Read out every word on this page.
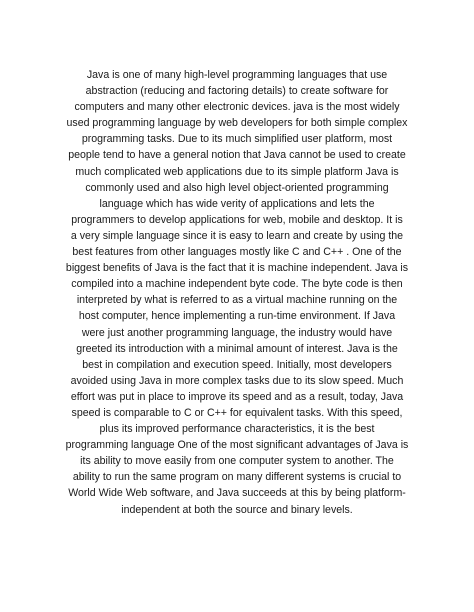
Java is one of many high-level programming languages that use
abstraction (reducing and factoring details) to create software for
computers and many other electronic devices. java is the most widely
used programming language by web developers for both simple complex
programming tasks. Due to its much simplified user platform, most
people tend to have a general notion that Java cannot be used to create
much complicated web applications due to its simple platform Java is
commonly used and also high level object-oriented programming
language which has wide verity of applications and lets the
programmers to develop applications for web, mobile and desktop. It is
a very simple language since it is easy to learn and create by using the
best features from other languages mostly like C and C++ . One of the
biggest benefits of Java is the fact that it is machine independent. Java is
compiled into a machine independent byte code. The byte code is then
interpreted by what is referred to as a virtual machine running on the
host computer, hence implementing a run-time environment. If Java
were just another programming language, the industry would have
greeted its introduction with a minimal amount of interest. Java is the
best in compilation and execution speed. Initially, most developers
avoided using Java in more complex tasks due to its slow speed. Much
effort was put in place to improve its speed and as a result, today, Java
speed is comparable to C or C++ for equivalent tasks. With this speed,
plus its improved performance characteristics, it is the best
programming language One of the most significant advantages of Java is
its ability to move easily from one computer system to another. The
ability to run the same program on many different systems is crucial to
World Wide Web software, and Java succeeds at this by being platform-
independent at both the source and binary levels.
